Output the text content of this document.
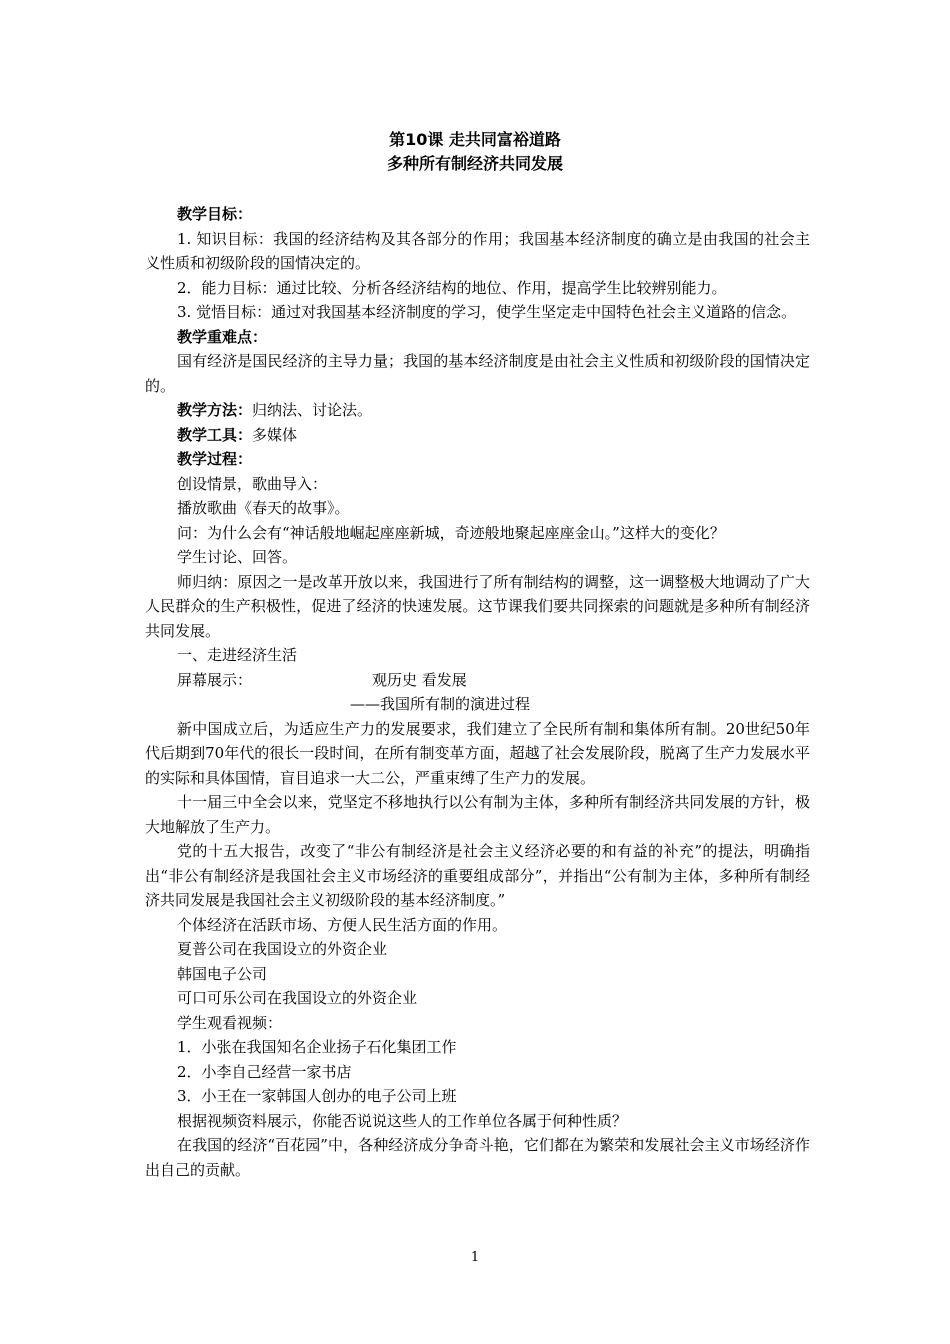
第10课 走共同富裕道路
多种所有制经济共同发展

教学目标：

1. 知识目标：我国的经济结构及其各部分的作用；我国基本经济制度的确立是由我国的社会主义性质和初级阶段的国情决定的。

2．能力目标：通过比较、分析各经济结构的地位、作用，提高学生比较辨别能力。

3. 觉悟目标：通过对我国基本经济制度的学习，使学生坚定走中国特色社会主义道路的信念。

教学重难点：

国有经济是国民经济的主导力量；我国的基本经济制度是由社会主义性质和初级阶段的国情决定的。

教学方法：归纳法、讨论法。

教学工具：多媒体

教学过程：

创设情景，歌曲导入：

播放歌曲《春天的故事》。

问：为什么会有“神话般地崛起座座新城，奇迹般地聚起座座金山。”这样大的变化？

学生讨论、回答。

师归纳：原因之一是改革开放以来，我国进行了所有制结构的调整，这一调整极大地调动了广大人民群众的生产积极性，促进了经济的快速发展。这节课我们要共同探索的问题就是多种所有制经济共同发展。

一、走进经济生活

屏幕展示：	观历史 看发展

——我国所有制的演进过程

新中国成立后，为适应生产力的发展要求，我们建立了全民所有制和集体所有制。20世纪50年代后期到70年代的很长一段时间，在所有制变革方面，超越了社会发展阶段，脱离了生产力发展水平的实际和具体国情，盲目追求一大二公，严重束缚了生产力的发展。

十一届三中全会以来，党坚定不移地执行以公有制为主体，多种所有制经济共同发展的方针，极大地解放了生产力。

党的十五大报告，改变了“非公有制经济是社会主义经济必要的和有益的补充”的提法，明确指出“非公有制经济是我国社会主义市场经济的重要组成部分”，并指出“公有制为主体，多种所有制经济共同发展是我国社会主义初级阶段的基本经济制度。”

个体经济在活跃市场、方便人民生活方面的作用。

夏普公司在我国设立的外资企业

韩国电子公司

可口可乐公司在我国设立的外资企业

学生观看视频：

1．小张在我国知名企业扬子石化集团工作

2．小李自己经营一家书店

3．小王在一家韩国人创办的电子公司上班

根据视频资料展示，你能否说说这些人的工作单位各属于何种性质？

在我国的经济“百花园”中，各种经济成分争奇斗艳，它们都在为繁荣和发展社会主义市场经济作出自己的贡献。

1
